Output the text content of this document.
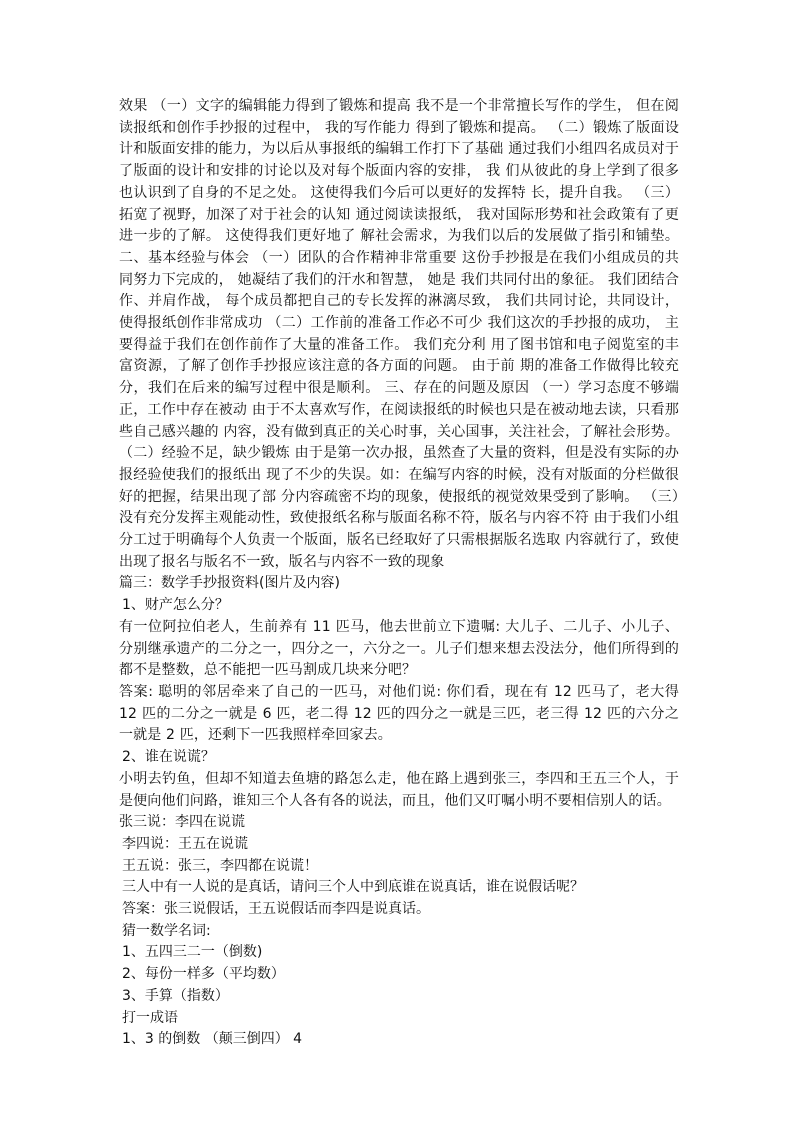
效果 （一）文字的编辑能力得到了锻炼和提高 我不是一个非常擅长写作的学生， 但在阅读报纸和创作手抄报的过程中， 我的写作能力 得到了锻炼和提高。 （二）锻炼了版面设计和版面安排的能力，为以后从事报纸的编辑工作打下了基础 通过我们小组四名成员对于了版面的设计和安排的讨论以及对每个版面内容的安排， 我 们从彼此的身上学到了很多也认识到了自身的不足之处。 这使得我们今后可以更好的发挥特 长，提升自我。 （三）拓宽了视野，加深了对于社会的认知 通过阅读读报纸， 我对国际形势和社会政策有了更进一步的了解。 这使得我们更好地了 解社会需求，为我们以后的发展做了指引和铺垫。 二、基本经验与体会 （一）团队的合作精神非常重要 这份手抄报是在我们小组成员的共同努力下完成的， 她凝结了我们的汗水和智慧， 她是 我们共同付出的象征。 我们团结合作、并肩作战， 每个成员都把自己的专长发挥的淋漓尽致， 我们共同讨论，共同设计，使得报纸创作非常成功 （二）工作前的准备工作必不可少 我们这次的手抄报的成功， 主要得益于我们在创作前作了大量的准备工作。 我们充分利 用了图书馆和电子阅览室的丰富资源，了解了创作手抄报应该注意的各方面的问题。 由于前 期的准备工作做得比较充分，我们在后来的编写过程中很是顺利。 三、存在的问题及原因 （一）学习态度不够端正，工作中存在被动 由于不太喜欢写作，在阅读报纸的时候也只是在被动地去读，只看那些自己感兴趣的 内容，没有做到真正的关心时事，关心国事，关注社会，了解社会形势。 （二）经验不足，缺少锻炼 由于是第一次办报，虽然查了大量的资料，但是没有实际的办报经验使我们的报纸出 现了不少的失误。如：在编写内容的时候，没有对版面的分栏做很好的把握，结果出现了部 分内容疏密不均的现象，使报纸的视觉效果受到了影响。 （三）没有充分发挥主观能动性，致使报纸名称与版面名称不符，版名与内容不符 由于我们小组分工过于明确每个人负责一个版面，版名已经取好了只需根据版名选取 内容就行了，致使出现了报名与版名不一致，版名与内容不一致的现象

篇三：数学手抄报资料(图片及内容)

1、财产怎么分？

有一位阿拉伯老人，生前养有 11 匹马，他去世前立下遗嘱: 大儿子、二儿子、小儿子、分别继承遗产的二分之一，四分之一，六分之一。儿子们想来想去没法分，他们所得到的都不是整数，总不能把一匹马割成几块来分吧？

答案: 聪明的邻居牵来了自己的一匹马，对他们说: 你们看，现在有 12 匹马了，老大得 12 匹的二分之一就是 6 匹，老二得 12 匹的四分之一就是三匹，老三得 12 匹的六分之一就是 2 匹，还剩下一匹我照样牵回家去。

2、谁在说谎？

小明去钓鱼，但却不知道去鱼塘的路怎么走，他在路上遇到张三，李四和王五三个人，于是便向他们问路，谁知三个人各有各的说法，而且，他们又叮嘱小明不要相信别人的话。

张三说：李四在说谎

李四说：王五在说谎

王五说：张三，李四都在说谎！

三人中有一人说的是真话，请问三个人中到底谁在说真话，谁在说假话呢？

答案：张三说假话，王五说假话而李四是说真话。

猜一数学名词:

1、五四三二一（倒数)

2、每份一样多（平均数）

3、手算（指数）

打一成语

1、3 的倒数 （颠三倒四） 4
